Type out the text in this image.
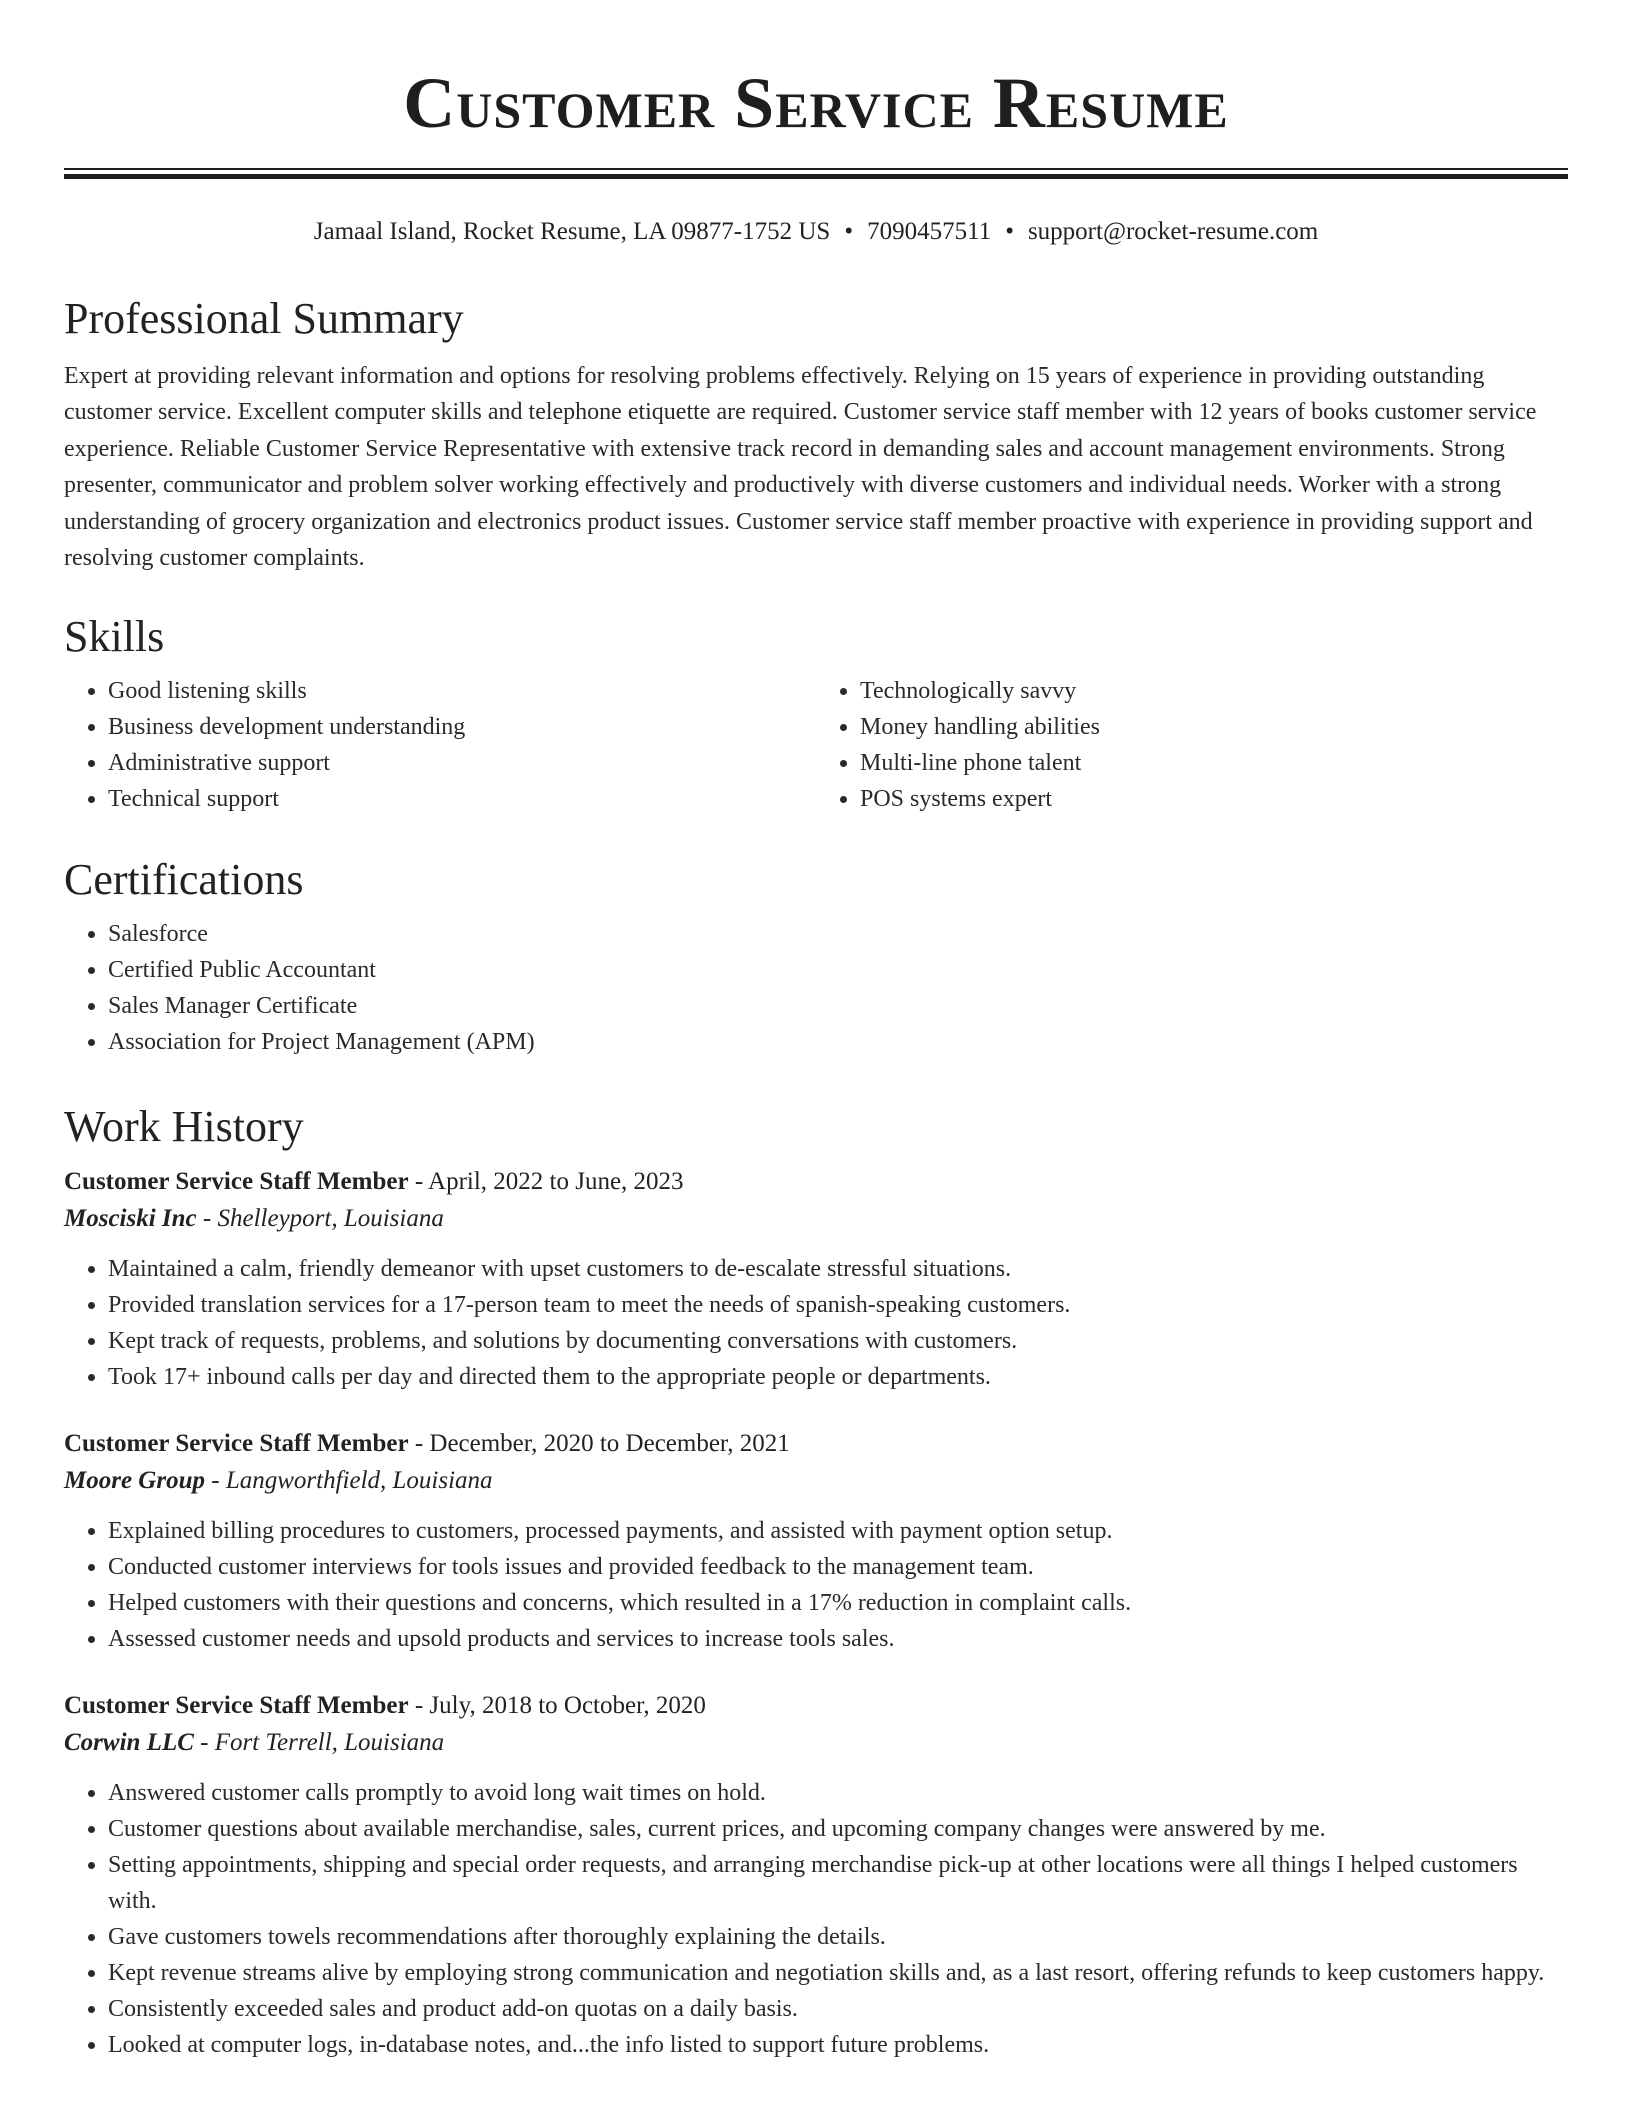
Customer Service Resume
Jamaal Island, Rocket Resume, LA 09877-1752 US • 7090457511 • support@rocket-resume.com
Professional Summary

Expert at providing relevant information and options for resolving problems effectively. Relying on 15 years of experience in providing outstanding customer service. Excellent computer skills and telephone etiquette are required. Customer service staff member with 12 years of books customer service experience. Reliable Customer Service Representative with extensive track record in demanding sales and account management environments. Strong presenter, communicator and problem solver working effectively and productively with diverse customers and individual needs. Worker with a strong understanding of grocery organization and electronics product issues. Customer service staff member proactive with experience in providing support and resolving customer complaints.

Skills
• Good listening skills
• Business development understanding
• Administrative support
• Technical support
• Technologically savvy
• Money handling abilities
• Multi-line phone talent
• POS systems expert
Certifications
• Salesforce
• Certified Public Accountant
• Sales Manager Certificate
• Association for Project Management (APM)
Work History
Customer Service Staff Member - April, 2022 to June, 2023
Mosciski Inc - Shelleyport, Louisiana
• Maintained a calm, friendly demeanor with upset customers to de-escalate stressful situations.
• Provided translation services for a 17-person team to meet the needs of spanish-speaking customers.
• Kept track of requests, problems, and solutions by documenting conversations with customers.
• Took 17+ inbound calls per day and directed them to the appropriate people or departments.
Customer Service Staff Member - December, 2020 to December, 2021
Moore Group - Langworthfield, Louisiana
• Explained billing procedures to customers, processed payments, and assisted with payment option setup.
• Conducted customer interviews for tools issues and provided feedback to the management team.
• Helped customers with their questions and concerns, which resulted in a 17% reduction in complaint calls.
• Assessed customer needs and upsold products and services to increase tools sales.
Customer Service Staff Member - July, 2018 to October, 2020
Corwin LLC - Fort Terrell, Louisiana
• Answered customer calls promptly to avoid long wait times on hold.
• Customer questions about available merchandise, sales, current prices, and upcoming company changes were answered by me.
• Setting appointments, shipping and special order requests, and arranging merchandise pick-up at other locations were all things I helped customers with.
• Gave customers towels recommendations after thoroughly explaining the details.
• Kept revenue streams alive by employing strong communication and negotiation skills and, as a last resort, offering refunds to keep customers happy.
• Consistently exceeded sales and product add-on quotas on a daily basis.
• Looked at computer logs, in-database notes, and...the info listed to support future problems.
